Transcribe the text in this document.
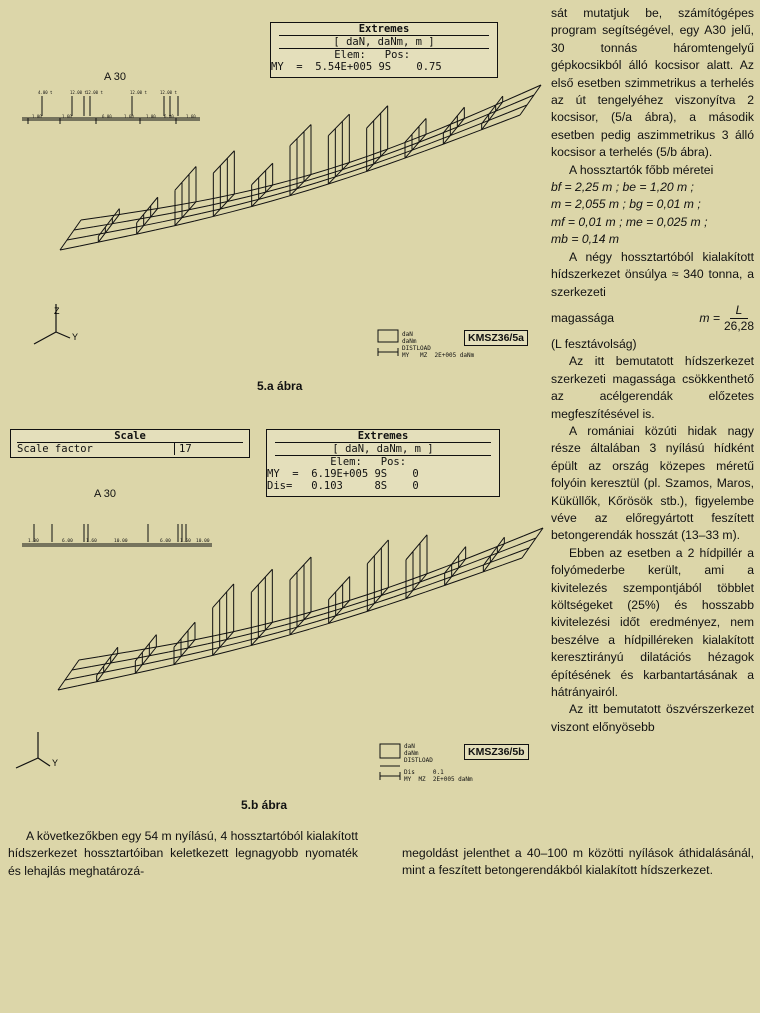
sát mutatjuk be, számítógépes program segítségével, egy A30 jelű, 30 tonnás háromtengelyű gépkocsikból álló kocsisor alatt. Az első esetben szimmetrikus a terhelés az út tengelyéhez viszonyítva 2 kocsisor, (5/a ábra), a második esetben pedig aszimmetrikus 3 álló kocsisor a terhelés (5/b ábra).

A hossztartók főbb méretei

bf = 2,25 m ; be = 1,20 m ;

m = 2,055 m ; bg = 0,01 m ;

mf = 0,01 m ; me = 0,025 m ;

mb = 0,14 m

A négy hossztartóból kialakított hídszerkezet önsúlya ≈ 340 tonna, a szerkezeti

magassága	$m = \frac{L}{26,28}$

(L fesztávolság)

Az itt bemutatott hídszerkezet szerkezeti magassága csökkenthető az acélgerendák előzetes megfeszítésével is.

A romániai közúti hidak nagy része általában 3 nyílású hídként épült az ország közepes méretű folyóin keresztül (pl. Szamos, Maros, Küküllők, Kőrösök stb.), figyelembe véve az előregyártott feszített betongerendák hosszát (13–33 m).

Ebben az esetben a 2 hídpillér a folyómederbe került, ami a kivitelezés szempontjából többlet költségeket (25%) és hosszabb kivitelezési időt eredményez, nem beszélve a hídpilléreken kialakított keresztirányú dilatációs hézagok építésének és karbantartásának a hátrányairól.

Az itt bemutatott öszvérszerkezet viszont előnyösebb

A következőkben egy 54 m nyílású, 4 hossztartóból kialakított hídszerkezet hossztartóiban keletkezett legnagyobb nyomaték és lehajlás meghatározá-
megoldást jelenthet a 40–100 m közötti nyílások áthidalásánál, mint a feszített betongerendákból kialakított hídszerkezet.
Extremes
[ daN, daNm, m ]
Elem:   Pos:
MY  =  5.54E+005 9S    0.75
A 30
4.00 t	12.00 t 12.00 t	12.00 t	12.00 t
1.00	1.60	6.00	1.60	1.00 6.00	1.60
Z
Y	dаN
dаNm
DISTLOAD
MY   MZ  2E+005 daNm
KMSZ36/5a
5.a ábra
Scale
Scale factor	17
Extremes
[ daN, daNm, m ]
Elem:   Pos:
MY  =  6.19E+005 9S    0
Dis=   0.103     8S    0
A 30
1.00	6.00	1.60	10.00	6.00 1.60 10.00
Y
daN
daNm
DISTLOAD
Dis     0.1
MY  MZ  2E+005 daNm
KMSZ36/5b
5.b ábra
